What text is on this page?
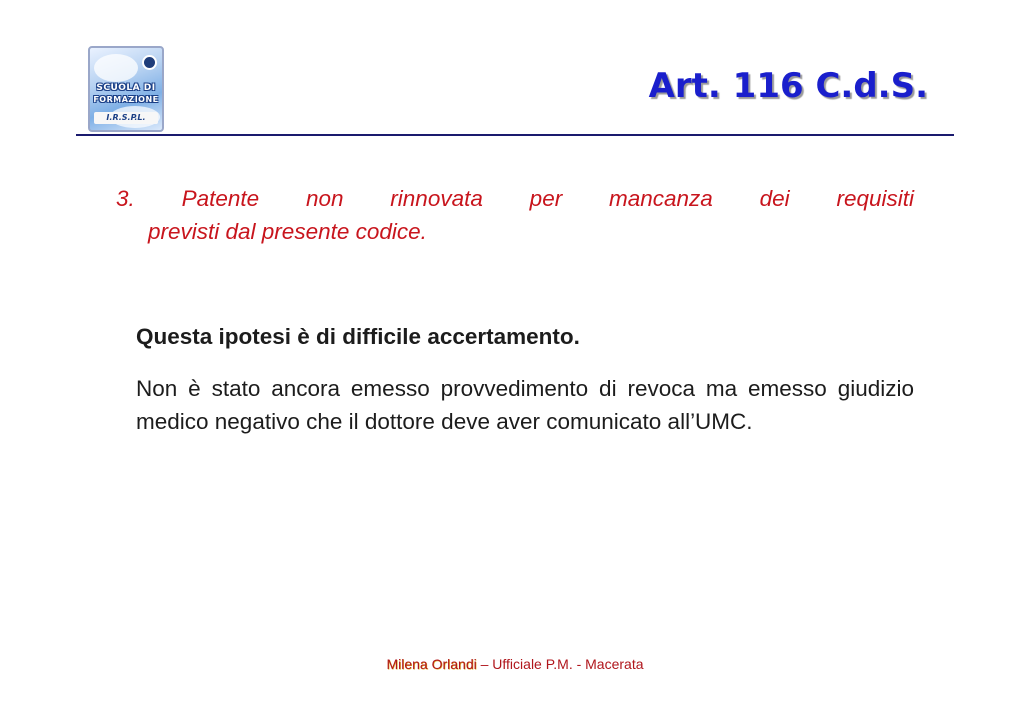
SCUOLA DI
FORMAZIONE
I.R.S.P.L.
Art. 116 C.d.S.

3. Patente non rinnovata per mancanza dei requisiti
previsti dal presente codice.

Questa ipotesi è di difficile accertamento.

Non è stato ancora emesso provvedimento di revoca ma emesso giudizio medico negativo che il dottore deve aver comunicato all’UMC.

Milena Orlandi – Ufficiale P.M. - Macerata
